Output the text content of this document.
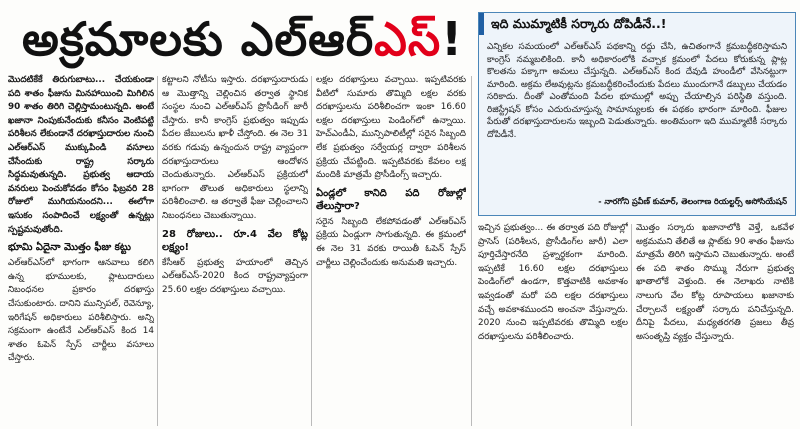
అక్రమాలకు ఎల్‌ఆర్‌ఎస్!	ఇది ముమ్మాటికీ సర్కారు దోపిడీనే..!
ఎన్నికల సమయంలో ఎల్‌ఆర్‌ఎస్ పథకాన్ని రద్దు చేసి, ఉచితంగానే క్రమబద్ధీకరిస్తామని కాంగ్రెస్ నమ్మబలికింది. కానీ అధికారంలోకి వచ్చాక క్రమంలో పేదలు కోరుకున్న ప్లాట్ల కొలతను పక్కాగా అమలు చేస్తున్నది. ఎల్‌ఆర్‌ఎస్ కింద దేవుడి హుండీలో వేసినట్టుగా మారింది. అక్రమ లేఅవుట్లను క్రమబద్ధీకరించేందుకు పేదలు ముందుగానే డబ్బులు చేయడం సరికాదు. దీంతో ఎంతోమంది పేదల భూముల్లో అప్పు చేయాల్సిన పరిస్థితి వస్తుంది. రిజిస్ట్రేషన్ కోసం ఎదురుచూస్తున్న సామాన్యులకు ఈ పథకం భారంగా మారింది. ఫీజుల పేరుతో దరఖాస్తుదారులను ఇబ్బంది పెడుతున్నారు. అంతిమంగా ఇది ముమ్మాటికీ సర్కారు దోపిడీనే.
- నారగోని ప్రవీణ్ కుమార్, తెలంగాణ రియల్టర్స్ అసోసియేషన్

మొదటికేకే తిరుగుబాటు... చేయకుండా పది శాతం ఫీజును మినహాయించి మిగిలిన 90 శాతం తిరిగి చెల్లిస్తామంటున్నది. అంటే ఖజానా నింపుకునేందుకు కనీసం వెంటిపట్టి పరిశీలన లేకుండానే దరఖాస్తుదారుల నుంచి ఎల్‌ఆర్‌ఎస్ ముక్కుపిండి వసూలు చేసేందుకు రాష్ట్ర సర్కారు సిద్ధమవుతున్నది. ప్రభుత్వ ఆదాయ వనరులు పెంచుకోవడం కోసం ఫిబ్రవరి 28 రోజులో ముగియనుందని... ఈలోగా ఇసుకం సంపాదించే లక్ష్యంతో ఉన్నట్లు స్పష్టమవుతోంది.

భూమి ఏదైనా మొత్తం ఫీజు కట్టు

ఎల్‌ఆర్‌ఎస్‌లో భాగంగా ఆనవాలు కలిగి ఉన్న భూములకు, ప్లాటుదారులు నిబంధనల ప్రకారం దరఖాస్తు చేసుకుంటారు. దానిని మున్సిపల్, రెవెన్యూ, ఇరిగేషన్ అధికారులు పరిశీలిస్తారు. అన్ని సక్రమంగా ఉంటేనే ఎల్‌ఆర్‌ఎస్ కింద 14 శాతం ఓపెన్ స్పేస్ చార్జీలు వసూలు చేస్తారు.

కట్టాలని నోటీసు ఇస్తారు. దరఖాస్తుదారుడు ఆ మొత్తాన్ని చెల్లించిన తర్వాత స్థానిక సంస్థల నుంచి ఎల్‌ఆర్‌ఎస్ ప్రొసీడింగ్ జారీ చేస్తారు. కానీ కాంగ్రెస్ ప్రభుత్వం ఇప్పుడు పేదల జేబులను ఖాళీ చేస్తోంది. ఈ నెల 31 వరకు గడువు ఉన్నందున రాష్ట్ర వ్యాప్తంగా దరఖాస్తుదారులు ఆందోళన చెందుతున్నారు. ఎల్‌ఆర్‌ఎస్ ప్రక్రియలో భాగంగా తొలుత అధికారులు స్థలాన్ని పరిశీలించాలి. ఆ తర్వాతే ఫీజు చెల్లించాలని నిబంధనలు చెబుతున్నాయి.

28 రోజులు.. రూ.4 వేల కోట్ల లక్ష్యం!

కేసీఆర్ ప్రభుత్వ హయాంలో తెచ్చిన ఎల్‌ఆర్‌ఎస్-2020 కింద రాష్ట్రవ్యాప్తంగా 25.60 లక్షల దరఖాస్తులు వచ్చాయి.

లక్షల దరఖాస్తులు వచ్చాయి. ఇప్పటివరకు వీటిలో సుమారు తొమ్మిది లక్షల వరకు దరఖాస్తులను పరిశీలించగా ఇంకా 16.60 లక్షల దరఖాస్తులు పెండింగ్‌లో ఉన్నాయి. హెచ్‌ఎండీఏ, మున్సిపాలిటీల్లో సరైన సిబ్బంది లేక ప్రభుత్వం సర్వేయర్ల ద్వారా పరిశీలన ప్రక్రియ చేపట్టింది. ఇప్పటివరకు కేవలం లక్ష మందికి మాత్రమే ప్రొసీడింగ్స్ ఇచ్చారు.

ఏండ్లలో కానిది పది రోజుల్లో తేలుస్తారా?

సరైన సిబ్బంది లేకపోవడంతో ఎల్‌ఆర్‌ఎస్ ప్రక్రియ ఏండ్లుగా సాగుతున్నది. ఈ క్రమంలో ఈ నెల 31 వరకు రాయితీ ఓపెన్ స్పేస్ చార్జీలు చెల్లించేందుకు అనుమతి ఇచ్చారు.

ఇచ్చిన ప్రభుత్వం... ఈ తర్వాత పది రోజుల్లో ప్రాసెస్ (పరిశీలన, ప్రొసీడింగ్‌ల జారీ) ఎలా పూర్తిచేస్తారనేది ప్రశ్నార్థకంగా మారింది. ఇప్పటికే 16.60 లక్షల దరఖాస్తులు పెండింగ్‌లో ఉండగా, కొత్తవాటికి అవకాశం ఇవ్వడంతో మరో పది లక్షల దరఖాస్తులు వచ్చే అవకాశముందని అంచనా వేస్తున్నారు. 2020 నుంచి ఇప్పటివరకు తొమ్మిది లక్షల దరఖాస్తులను పరిశీలించారు.

మొత్తం సర్కారు ఖజానాలోకి వెళ్తే, ఒకవేళ అక్రమమని తేలితే ఆ ప్లాట్‌కు 90 శాతం ఫీజును మాత్రమే తిరిగి ఇస్తామని చెబుతున్నారు. అంటే ఈ పది శాతం సొమ్ము నేరుగా ప్రభుత్వ ఖాతాలోకే వెళ్తుంది. ఈ నెలాఖరు నాటికి నాలుగు వేల కోట్ల రూపాయలు ఖజానాకు చేర్చాలనే లక్ష్యంతో సర్కారు పనిచేస్తున్నది. దీనిపై పేదలు, మధ్యతరగతి ప్రజలు తీవ్ర అసంతృప్తి వ్యక్తం చేస్తున్నారు.
